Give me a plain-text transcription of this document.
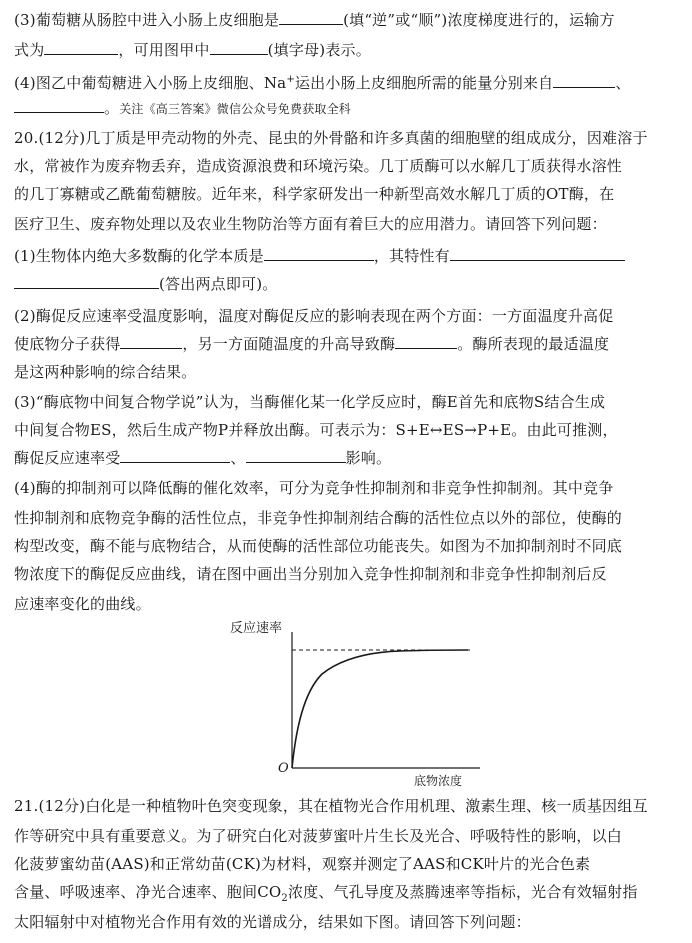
(3)葡萄糖从肠腔中进入小肠上皮细胞是	(填“逆”或“顺”)浓度梯度进行的，运输方
式为	，可用图甲中	(填字母)表示。
(4)图乙中葡萄糖进入小肠上皮细胞、Na+运出小肠上皮细胞所需的能量分别来自	、
。关注《高三答案》微信公众号免费获取全科
20.(12分)几丁质是甲壳动物的外壳、昆虫的外骨骼和许多真菌的细胞壁的组成成分，因难溶于
水，常被作为废弃物丢弃，造成资源浪费和环境污染。几丁质酶可以水解几丁质获得水溶性
的几丁寡糖或乙酰葡萄糖胺。近年来，科学家研发出一种新型高效水解几丁质的OT酶，在
医疗卫生、废弃物处理以及农业生物防治等方面有着巨大的应用潜力。请回答下列问题：
(1)生物体内绝大多数酶的化学本质是	，其特性有
(答出两点即可)。
(2)酶促反应速率受温度影响，温度对酶促反应的影响表现在两个方面：一方面温度升高促
使底物分子获得	，另一方面随温度的升高导致酶	。酶所表现的最适温度
是这两种影响的综合结果。
(3)“酶底物中间复合物学说”认为，当酶催化某一化学反应时，酶E首先和底物S结合生成
中间复合物ES，然后生成产物P并释放出酶。可表示为：S+E↔ES→P+E。由此可推测，
酶促反应速率受	、	影响。
(4)酶的抑制剂可以降低酶的催化效率，可分为竞争性抑制剂和非竞争性抑制剂。其中竞争
性抑制剂和底物竞争酶的活性位点，非竞争性抑制剂结合酶的活性位点以外的部位，使酶的
构型改变，酶不能与底物结合，从而使酶的活性部位功能丧失。如图为不加抑制剂时不同底
物浓度下的酶促反应曲线，请在图中画出当分别加入竞争性抑制剂和非竞争性抑制剂后反
应速率变化的曲线。
反应速率
底物浓度
O
21.(12分)白化是一种植物叶色突变现象，其在植物光合作用机理、激素生理、核一质基因组互
作等研究中具有重要意义。为了研究白化对菠萝蜜叶片生长及光合、呼吸特性的影响，以白
化菠萝蜜幼苗(AAS)和正常幼苗(CK)为材料，观察并测定了AAS和CK叶片的光合色素
含量、呼吸速率、净光合速率、胞间$CO_2$浓度、气孔导度及蒸腾速率等指标，光合有效辐射指
太阳辐射中对植物光合作用有效的光谱成分，结果如下图。请回答下列问题：
